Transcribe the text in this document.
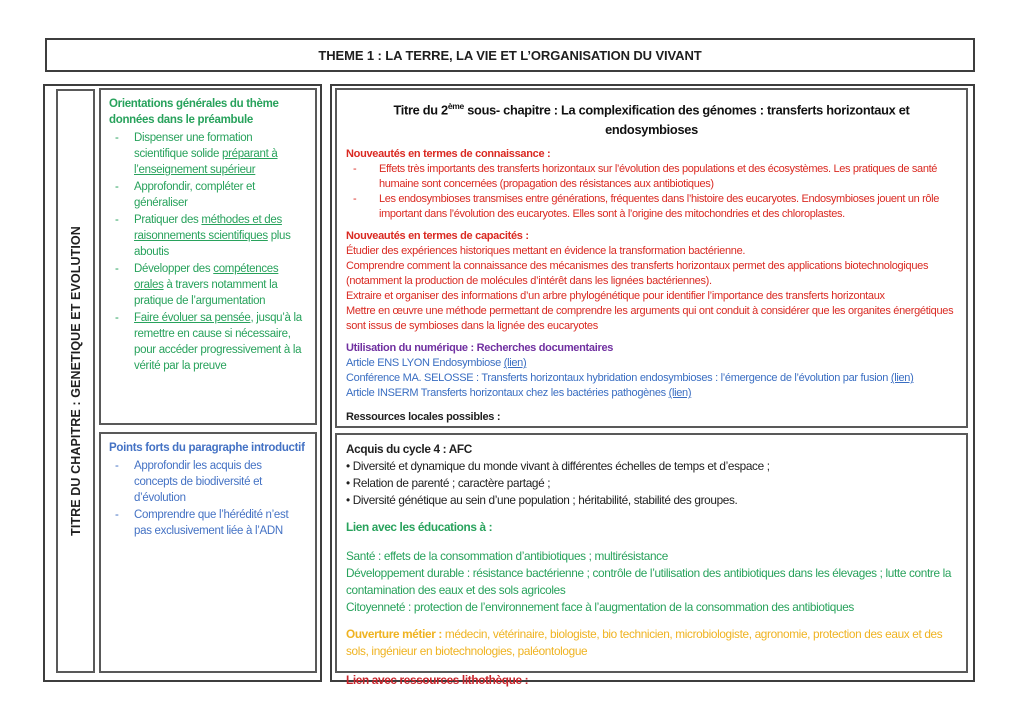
THEME 1 : LA TERRE, LA VIE ET L’ORGANISATION DU VIVANT
TITRE DU CHAPITRE : GENETIQUE ET EVOLUTION

Orientations générales du thème données dans le préambule

- Dispenser une formation scientifique solide préparant à l’enseignement supérieur
- Approfondir, compléter et généraliser
- Pratiquer des méthodes et des raisonnements scientifiques plus aboutis
- Développer des compétences orales à travers notamment la pratique de l’argumentation
- Faire évoluer sa pensée, jusqu’à la remettre en cause si nécessaire, pour accéder progressivement à la vérité par la preuve

Points forts du paragraphe introductif

- Approfondir les acquis des concepts de biodiversité et d’évolution
- Comprendre que l’hérédité n’est pas exclusivement liée à l’ADN

Titre du 2ème sous- chapitre : La complexification des génomes : transferts horizontaux et endosymbioses

Nouveautés en termes de connaissance :

- Effets très importants des transferts horizontaux sur l’évolution des populations et des écosystèmes. Les pratiques de santé humaine sont concernées (propagation des résistances aux antibiotiques)
- Les endosymbioses transmises entre générations, fréquentes dans l’histoire des eucaryotes. Endosymbioses jouent un rôle important dans l’évolution des eucaryotes. Elles sont à l’origine des mitochondries et des chloroplastes.

Nouveautés en termes de capacités :

Étudier des expériences historiques mettant en évidence la transformation bactérienne.

Comprendre comment la connaissance des mécanismes des transferts horizontaux permet des applications biotechnologiques (notamment la production de molécules d’intérêt dans les lignées bactériennes).

Extraire et organiser des informations d’un arbre phylogénétique pour identifier l’importance des transferts horizontaux

Mettre en œuvre une méthode permettant de comprendre les arguments qui ont conduit à considérer que les organites énergétiques sont issus de symbioses dans la lignée des eucaryotes

Utilisation du numérique : Recherches documentaires

Article ENS LYON Endosymbiose (lien)

Conférence MA. SELOSSE : Transferts horizontaux hybridation endosymbioses : l’émergence de l’évolution par fusion (lien)

Article INSERM Transferts horizontaux chez les bactéries pathogènes (lien)

Ressources locales possibles :

Acquis du cycle 4 : AFC

• Diversité et dynamique du monde vivant à différentes échelles de temps et d’espace ;

• Relation de parenté ; caractère partagé ;

• Diversité génétique au sein d’une population ; héritabilité, stabilité des groupes.

Lien avec les éducations à :

Santé : effets de la consommation d’antibiotiques ; multirésistance

Développement durable : résistance bactérienne ; contrôle de l’utilisation des antibiotiques dans les élevages ; lutte contre la contamination des eaux et des sols agricoles

Citoyenneté : protection de l’environnement face à l’augmentation de la consommation des antibiotiques

Ouverture métier : médecin, vétérinaire, biologiste, bio technicien, microbiologiste, agronomie, protection des eaux et des sols, ingénieur en biotechnologies, paléontologue

Lien avec ressources lithothèque :
